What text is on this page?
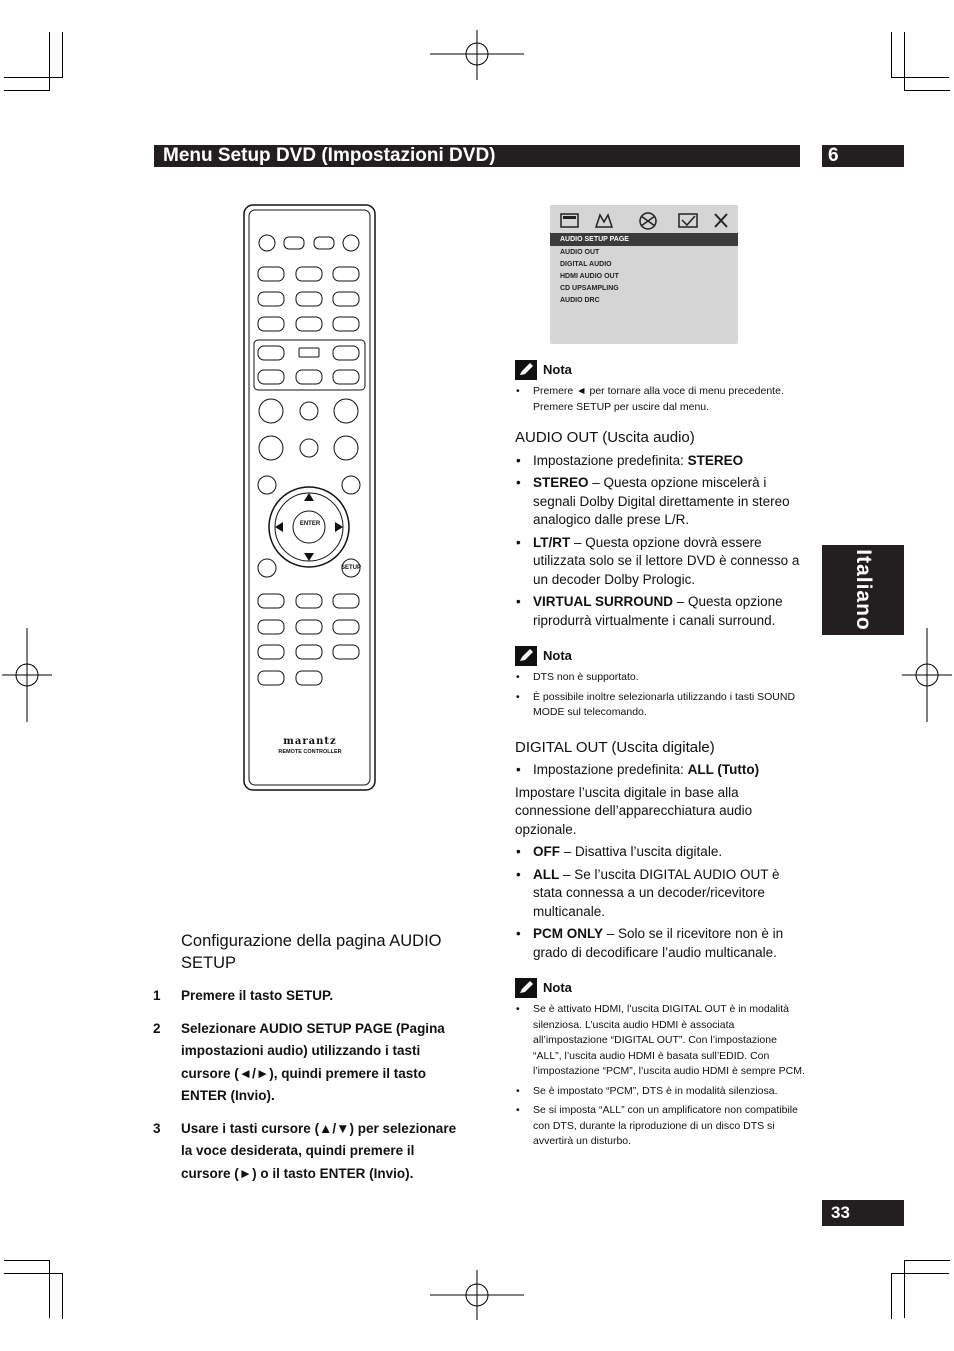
Menu Setup DVD (Impostazioni DVD)	6
Italiano
33
ENTER
SETUP
marantz
REMOTE CONTROLLER
Configurazione della pagina AUDIO SETUP
1 Premere il tasto SETUP.
2 Selezionare AUDIO SETUP PAGE (Pagina impostazioni audio) utilizzando i tasti cursore (◄/►), quindi premere il tasto ENTER (Invio).
3 Usare i tasti cursore (▲/▼) per selezionare la voce desiderata, quindi premere il cursore (►) o il tasto ENTER (Invio).
AUDIO SETUP PAGE
AUDIO OUT
DIGITAL AUDIO
HDMI AUDIO OUT
CD UPSAMPLING
AUDIO DRC
Nota
• Premere ◄ per tornare alla voce di menu precedente. Premere SETUP per uscire dal menu.
AUDIO OUT (Uscita audio)
• Impostazione predefinita: STEREO
• STEREO – Questa opzione miscelerà i segnali Dolby Digital direttamente in stereo analogico dalle prese L/R.
• LT/RT – Questa opzione dovrà essere utilizzata solo se il lettore DVD è connesso a un decoder Dolby Prologic.
• VIRTUAL SURROUND – Questa opzione riprodurrà virtualmente i canali surround.
Nota
• DTS non è supportato.
• È possibile inoltre selezionarla utilizzando i tasti SOUND MODE sul telecomando.
DIGITAL OUT (Uscita digitale)
• Impostazione predefinita: ALL (Tutto)
Impostare l’uscita digitale in base alla connessione dell’apparecchiatura audio opzionale.
• OFF – Disattiva l’uscita digitale.
• ALL – Se l’uscita DIGITAL AUDIO OUT è stata connessa a un decoder/ricevitore multicanale.
• PCM ONLY – Solo se il ricevitore non è in grado di decodificare l’audio multicanale.
Nota
• Se è attivato HDMI, l’uscita DIGITAL OUT è in modalità silenziosa. L’uscita audio HDMI è associata all’impostazione “DIGITAL OUT”. Con l’impostazione “ALL”, l’uscita audio HDMI è basata sull’EDID. Con l’impostazione “PCM”, l’uscita audio HDMI è sempre PCM.
• Se è impostato “PCM”, DTS è in modalità silenziosa.
• Se si imposta “ALL” con un amplificatore non compatibile con DTS, durante la riproduzione di un disco DTS si avvertirà un disturbo.
